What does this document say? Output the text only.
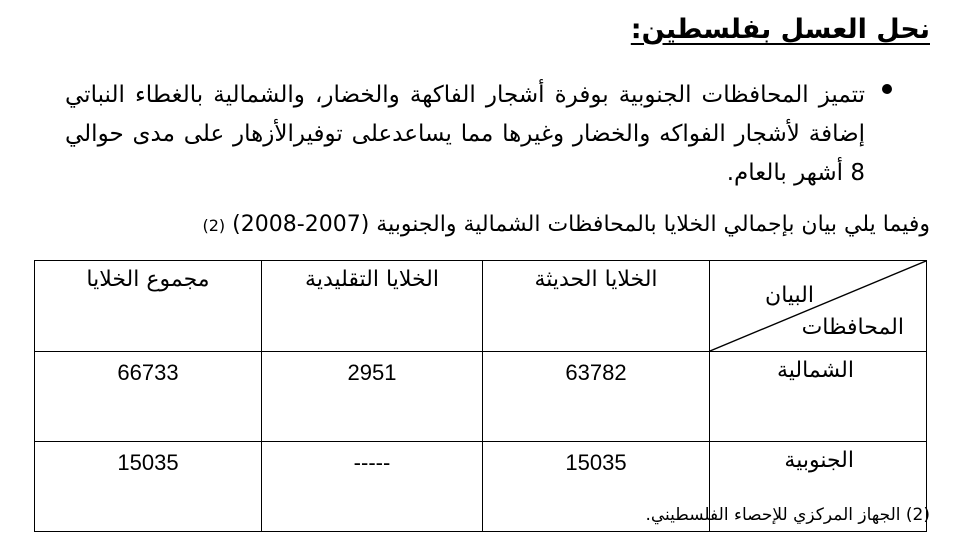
نحل العسل بفلسطين:
تتميز المحافظات الجنوبية بوفرة أشجار الفاكهة والخضار، والشمالية بالغطاء النباتي إضافة لأشجار الفواكه والخضار وغيرها مما يساعدعلى توفيرالأزهار على مدى حوالي 8 أشهر بالعام.
وفيما يلي بيان بإجمالي الخلايا بالمحافظات الشمالية والجنوبية (2007-2008) (2)
البيان
المحافظات	الخلايا الحديثة	الخلايا التقليدية	مجموع الخلايا
الشمالية	63782	2951	66733
الجنوبية	15035	-----	15035
(2) الجهاز المركزي للإحصاء الفلسطيني.
